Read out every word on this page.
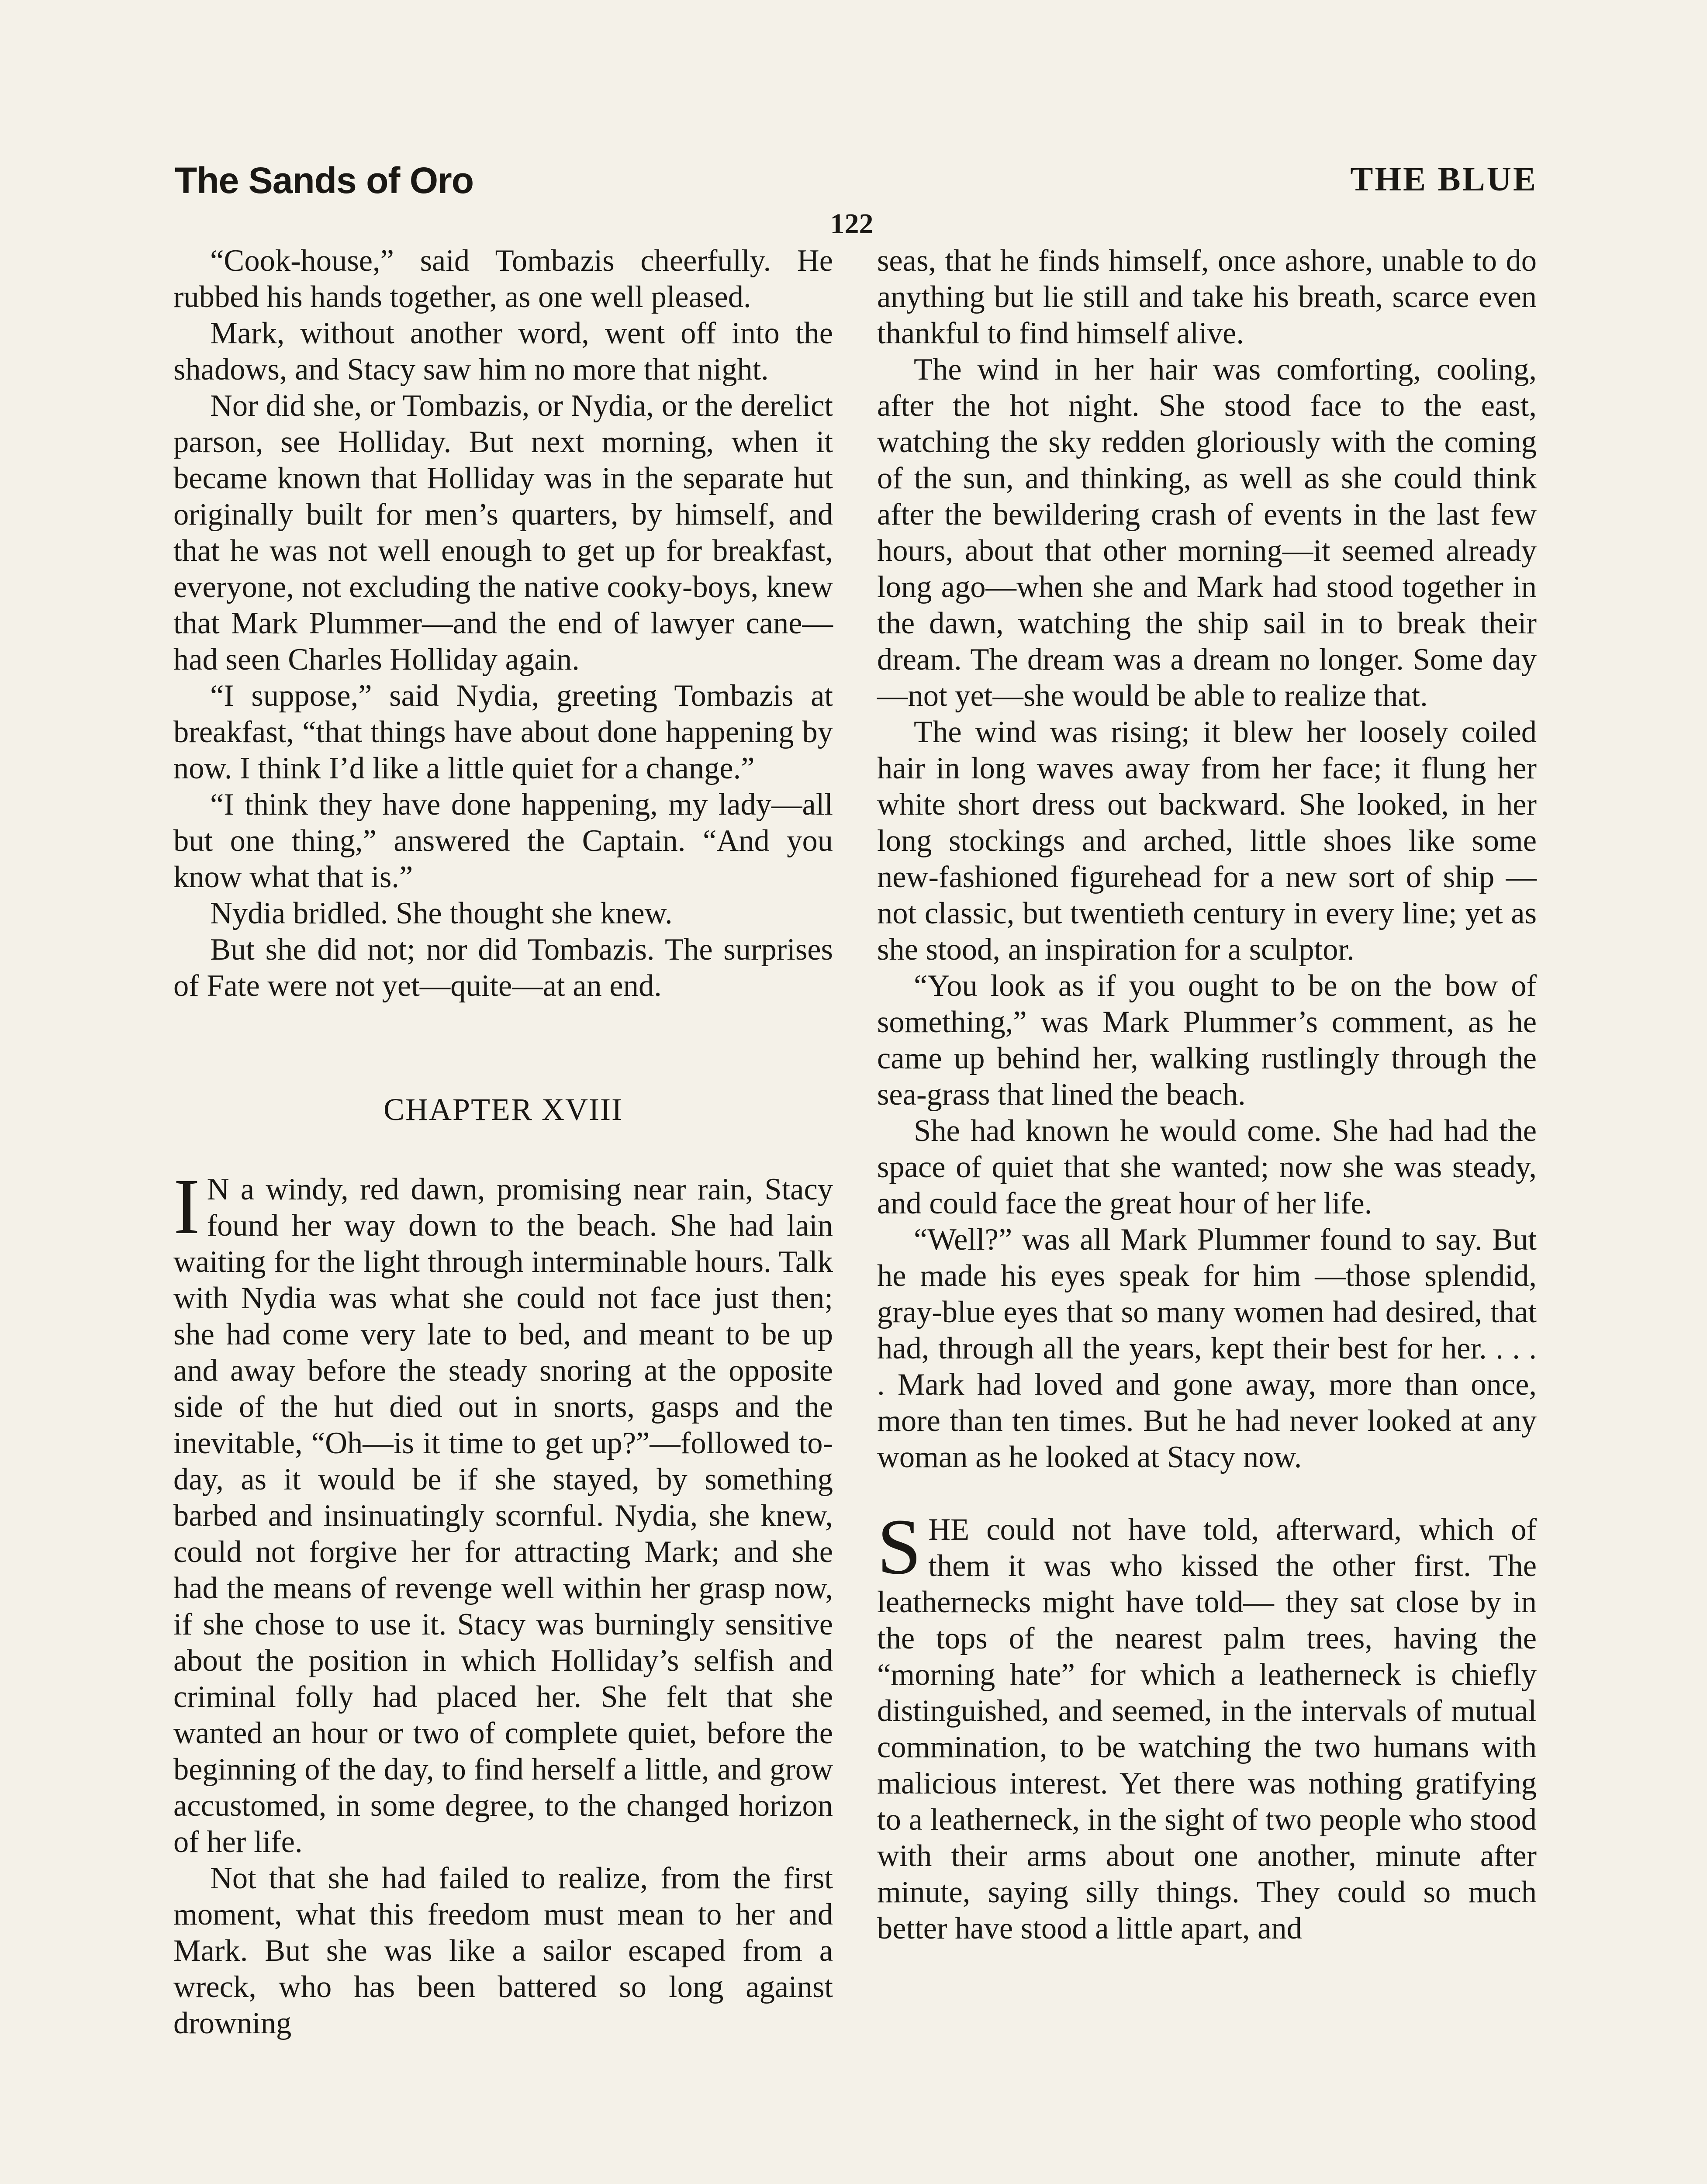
The Sands of Oro	THE BLUE
122

“Cook-house,” said Tombazis cheerfully. He rubbed his hands together, as one well pleased.

Mark, without another word, went off into the shadows, and Stacy saw him no more that night.

Nor did she, or Tombazis, or Nydia, or the derelict parson, see Holliday. But next morning, when it became known that Holliday was in the separate hut originally built for men’s quarters, by himself, and that he was not well enough to get up for breakfast, everyone, not excluding the native cooky-boys, knew that Mark Plummer—and the end of lawyer cane—had seen Charles Holliday again.

“I suppose,” said Nydia, greeting Tombazis at breakfast, “that things have about done happening by now. I think I’d like a little quiet for a change.”

“I think they have done happening, my lady—all but one thing,” answered the Captain. “And you know what that is.”

Nydia bridled. She thought she knew.

But she did not; nor did Tombazis. The surprises of Fate were not yet—quite—at an end.

CHAPTER XVIII

I N a windy, red dawn, promising near rain, Stacy found her way down to the beach. She had lain waiting for the light through interminable hours. Talk with Nydia was what she could not face just then; she had come very late to bed, and meant to be up and away before the steady snoring at the opposite side of the hut died out in snorts, gasps and the inevitable, “Oh—is it time to get up?”—followed today, as it would be if she stayed, by something barbed and insinuatingly scornful. Nydia, she knew, could not forgive her for attracting Mark; and she had the means of revenge well within her grasp now, if she chose to use it. Stacy was burningly sensitive about the position in which Holliday’s selfish and criminal folly had placed her. She felt that she wanted an hour or two of complete quiet, before the beginning of the day, to find herself a little, and grow accustomed, in some degree, to the changed horizon of her life.

Not that she had failed to realize, from the first moment, what this freedom must mean to her and Mark. But she was like a sailor escaped from a wreck, who has been battered so long against drowning

seas, that he finds himself, once ashore, unable to do anything but lie still and take his breath, scarce even thankful to find himself alive.

The wind in her hair was comforting, cooling, after the hot night. She stood face to the east, watching the sky redden gloriously with the coming of the sun, and thinking, as well as she could think after the bewildering crash of events in the last few hours, about that other morning—it seemed already long ago—when she and Mark had stood together in the dawn, watching the ship sail in to break their dream. The dream was a dream no longer. Some day—not yet—she would be able to realize that.

The wind was rising; it blew her loosely coiled hair in long waves away from her face; it flung her white short dress out backward. She looked, in her long stockings and arched, little shoes like some new-fashioned figurehead for a new sort of ship —not classic, but twentieth century in every line; yet as she stood, an inspiration for a sculptor.

“You look as if you ought to be on the bow of something,” was Mark Plummer’s comment, as he came up behind her, walking rustlingly through the sea-grass that lined the beach.

She had known he would come. She had had the space of quiet that she wanted; now she was steady, and could face the great hour of her life.

“Well?” was all Mark Plummer found to say. But he made his eyes speak for him —those splendid, gray-blue eyes that so many women had desired, that had, through all the years, kept their best for her. . . . . Mark had loved and gone away, more than once, more than ten times. But he had never looked at any woman as he looked at Stacy now.

SHE could not have told, afterward, which of them it was who kissed the other first. The leathernecks might have told— they sat close by in the tops of the nearest palm trees, having the “morning hate” for which a leatherneck is chiefly distinguished, and seemed, in the intervals of mutual commination, to be watching the two humans with malicious interest. Yet there was nothing gratifying to a leatherneck, in the sight of two people who stood with their arms about one another, minute after minute, saying silly things. They could so much better have stood a little apart, and
